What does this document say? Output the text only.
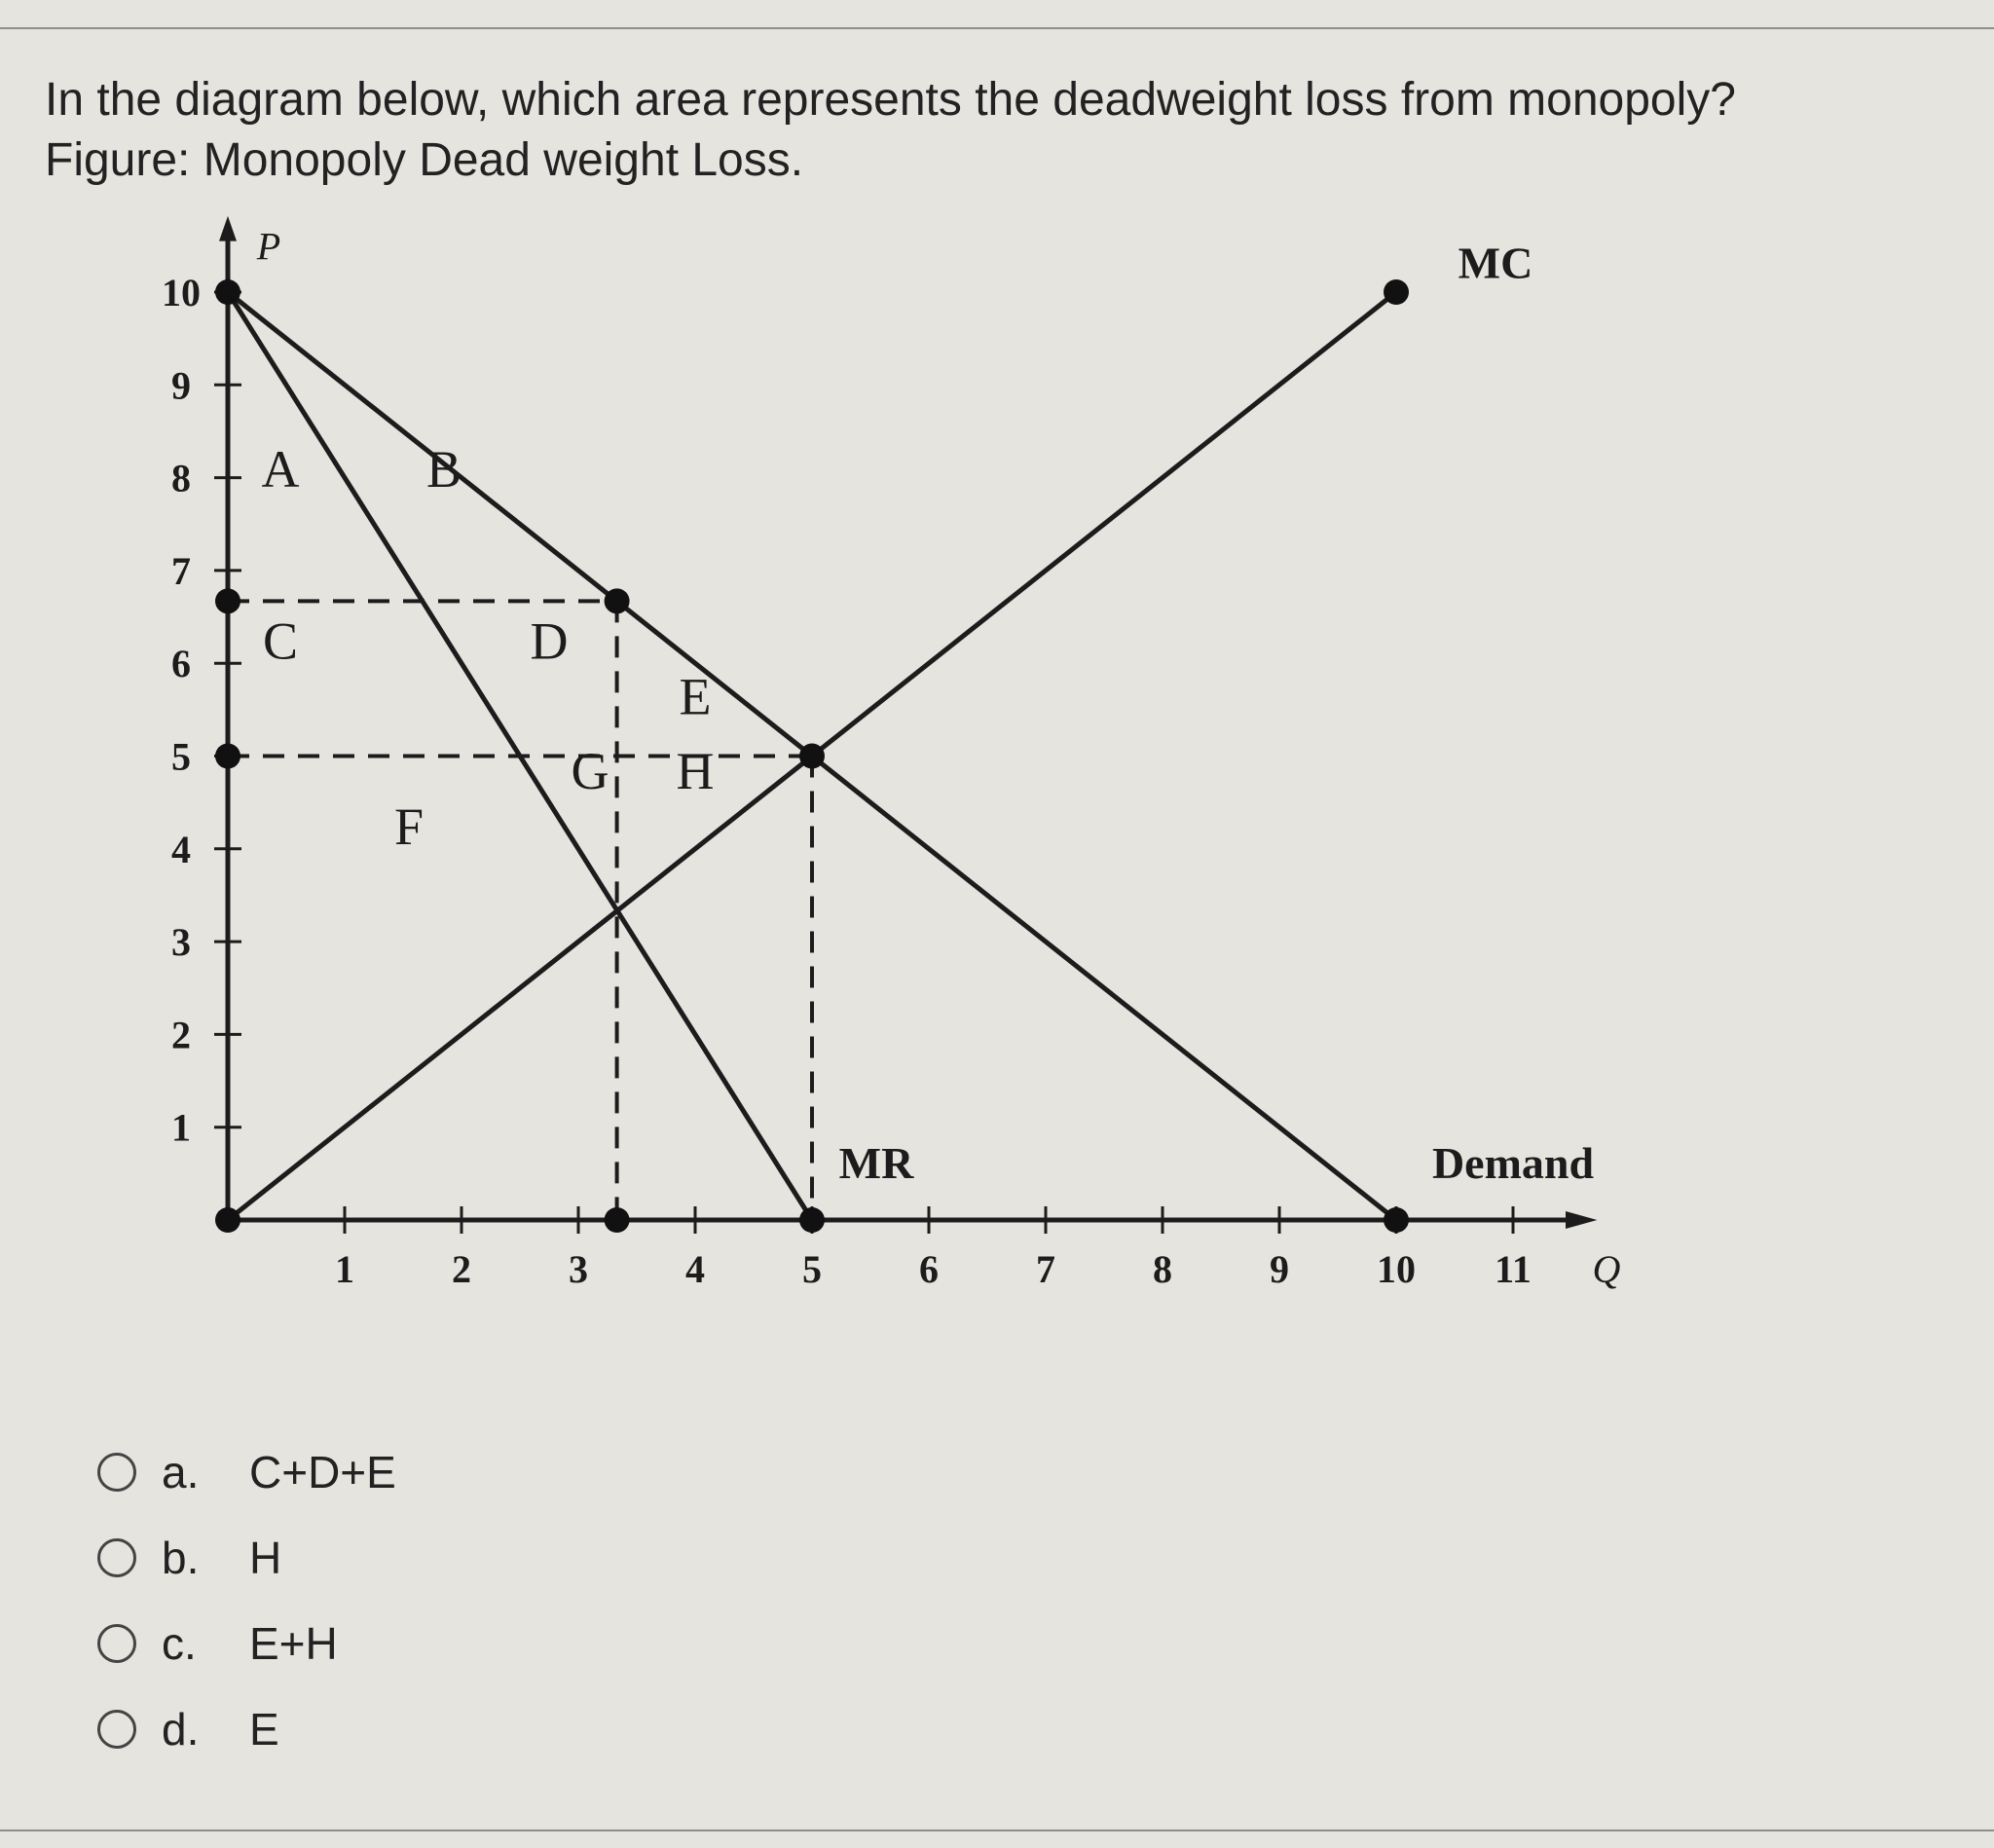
In the diagram below, which area represents the deadweight loss from monopoly?
Figure: Monopoly Dead weight Loss.
P
Q
10
9
8
7
6
5
4
3
2
1
1	2	3	4	5	6	7	8	9 10 11
A B
C	D
E
G H
F
MC
MR	Demand
a.	C+D+E
b.	H
c.	E+H
d.	E
